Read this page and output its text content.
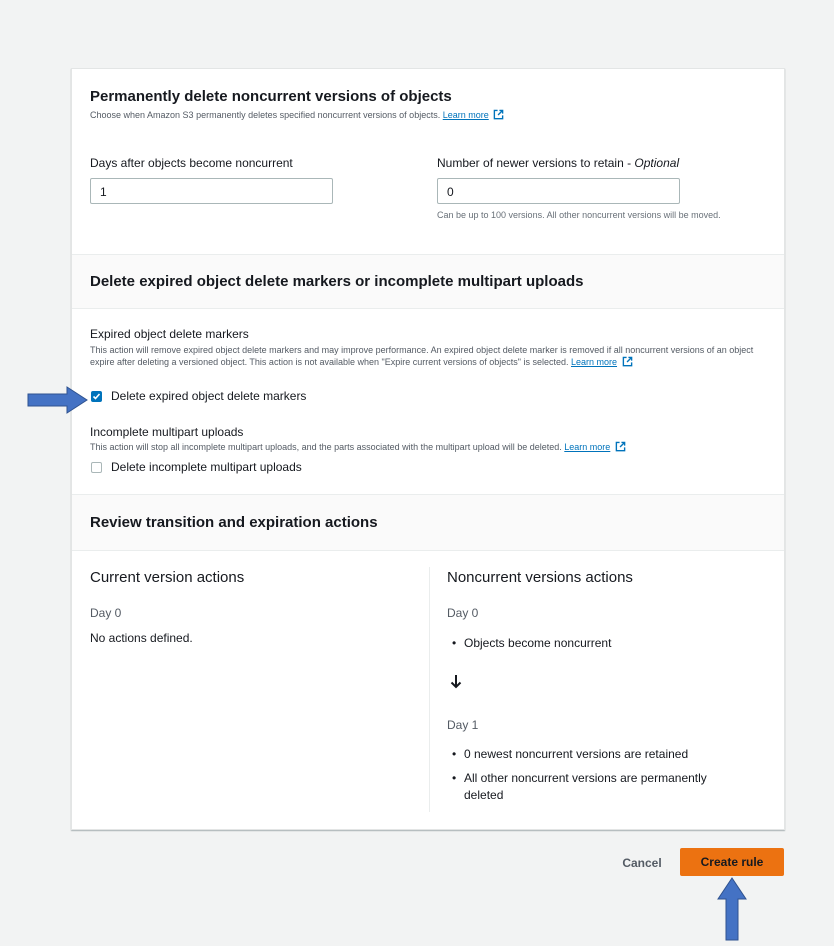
Permanently delete noncurrent versions of objects
Choose when Amazon S3 permanently deletes specified noncurrent versions of objects. Learn more
Days after objects become noncurrent
1
Number of newer versions to retain - Optional
0
Can be up to 100 versions. All other noncurrent versions will be moved.
Delete expired object delete markers or incomplete multipart uploads
Expired object delete markers
This action will remove expired object delete markers and may improve performance. An expired object delete marker is removed if all noncurrent versions of an object expire after deleting a versioned object. This action is not available when "Expire current versions of objects" is selected. Learn more
Delete expired object delete markers
Incomplete multipart uploads
This action will stop all incomplete multipart uploads, and the parts associated with the multipart upload will be deleted. Learn more
Delete incomplete multipart uploads
Review transition and expiration actions
Current version actions
Day 0
No actions defined.
Noncurrent versions actions
Day 0
• Objects become noncurrent
Day 1
• 0 newest noncurrent versions are retained
• All other noncurrent versions are permanently deleted
Cancel	Create rule
